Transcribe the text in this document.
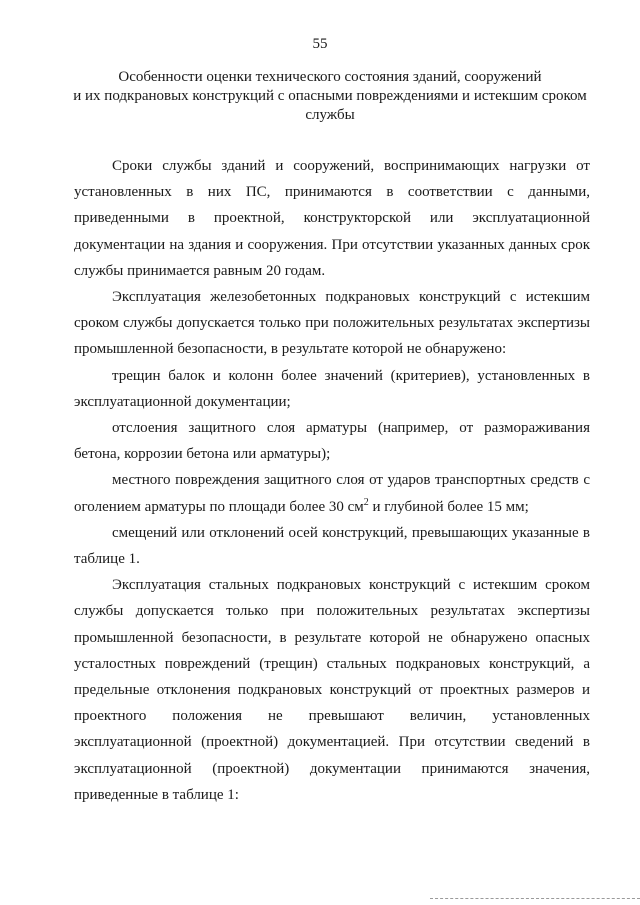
55
Особенности оценки технического состояния зданий, сооружений
и их подкрановых конструкций с опасными повреждениями и истекшим сроком
службы

Сроки службы зданий и сооружений, воспринимающих нагрузки от установленных в них ПС, принимаются в соответствии с данными, приведенными в проектной, конструкторской или эксплуатационной документации на здания и сооружения. При отсутствии указанных данных срок службы принимается равным 20 годам.

Эксплуатация железобетонных подкрановых конструкций с истекшим сроком службы допускается только при положительных результатах экспертизы промышленной безопасности, в результате которой не обнаружено:

трещин балок и колонн более значений (критериев), установленных в эксплуатационной документации;

отслоения защитного слоя арматуры (например, от размораживания бетона, коррозии бетона или арматуры);

местного повреждения защитного слоя от ударов транспортных средств с оголением арматуры по площади более 30 $см^2$ и глубиной более 15 мм;

смещений или отклонений осей конструкций, превышающих указанные в таблице 1.

Эксплуатация стальных подкрановых конструкций с истекшим сроком службы допускается только при положительных результатах экспертизы промышленной безопасности, в результате которой не обнаружено опасных усталостных повреждений (трещин) стальных подкрановых конструкций, а предельные отклонения подкрановых конструкций от проектных размеров и проектного положения не превышают величин, установленных эксплуатационной (проектной) документацией. При отсутствии сведений в эксплуатационной (проектной) документации принимаются значения, приведенные в таблице 1:
